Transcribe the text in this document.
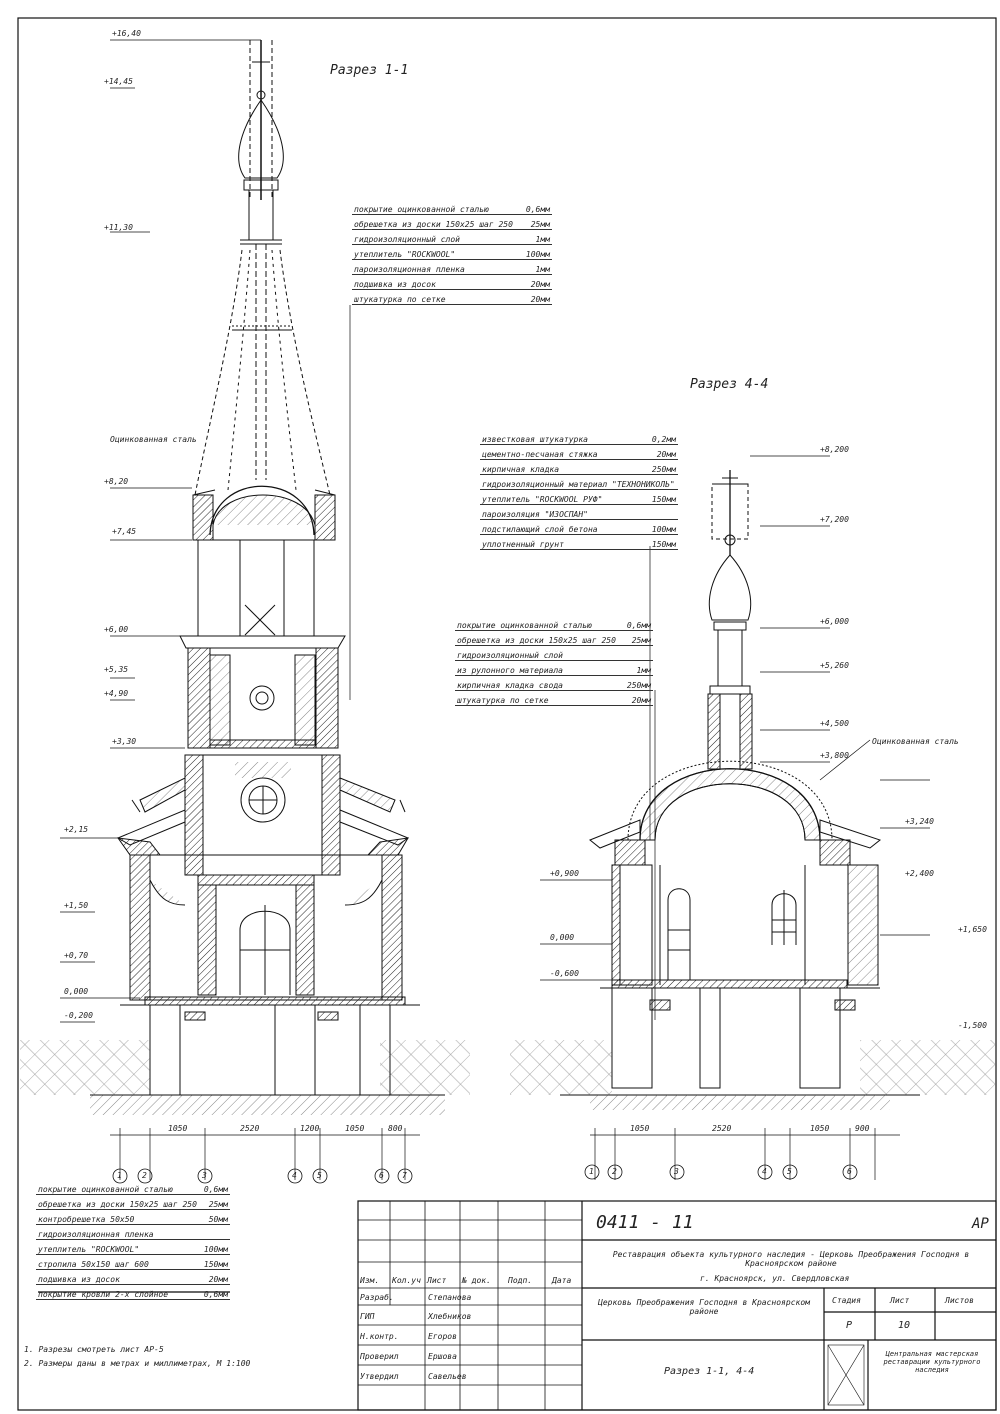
Разрез 1-1
Разрез 4-4
+16,40
+14,45
+11,30
+8,20
+7,45
+6,00
+5,35
+4,90
+3,30
+2,15
+1,50
+0,70
0,000
-0,200
Оцинкованная сталь
+8,200
+7,200
+6,000
+5,260
+4,500
+3,800
+3,240
+2,400
+1,650
+0,900
0,000
-0,600
-1,500
Оцинкованная сталь
1050	2520	1200	1050	800	1050	2520	1050	900
1	2	3	4	5	6 7	1 2	3	4	5	6
покрытие оцинкованной сталью	0,6мм
обрешетка из доски 150х25 шаг 250 25мм
гидроизоляционный слой	1мм
утеплитель "ROCKWOOL"	100мм
пароизоляционная пленка	1мм
подшивка из досок	20мм
штукатурка по сетке	20мм
известковая штукатурка	0,2мм
цементно-песчаная стяжка	20мм
кирпичная кладка	250мм
гидроизоляционный материал "ТЕХНОНИКОЛЬ"
утеплитель "ROCKWOOL РУФ"	150мм
пароизоляция "ИЗОСПАН"
подстилающий слой бетона	100мм
уплотненный грунт	150мм
покрытие оцинкованной сталью	0,6мм
обрешетка из доски 150х25 шаг 250 25мм
гидроизоляционный слой
из рулонного материала	1мм
кирпичная кладка свода	250мм
штукатурка по сетке	20мм
покрытие оцинкованной сталью	0,6мм
обрешетка из доски 150х25 шаг 250 25мм
контробрешетка 50х50	50мм
гидроизоляционная пленка
утеплитель "ROCKWOOL"	100мм
стропила 50х150 шаг 600	150мм
подшивка из досок	20мм
покрытие кровли 2-х слойное	0,6мм
1. Разрезы смотреть лист АР-5
2. Размеры даны в метрах и миллиметрах, М 1:100
0411 - 11	АР
Реставрация объекта культурного наследия - Церковь Преображения Господня в Красноярском районе
г. Красноярск, ул. Свердловская
Церковь Преображения Господня в Красноярском районе
Разрез 1-1, 4-4
Стадия	Лист	Листов
Р	10
Центральная мастерская реставрации культурного наследия
Изм. Кол.уч Лист № док. Подп. Дата
Разраб.	Степанова
ГИП	Хлебников
Н.контр.	Егоров
Проверил	Ершова
Утвердил	Савельев
